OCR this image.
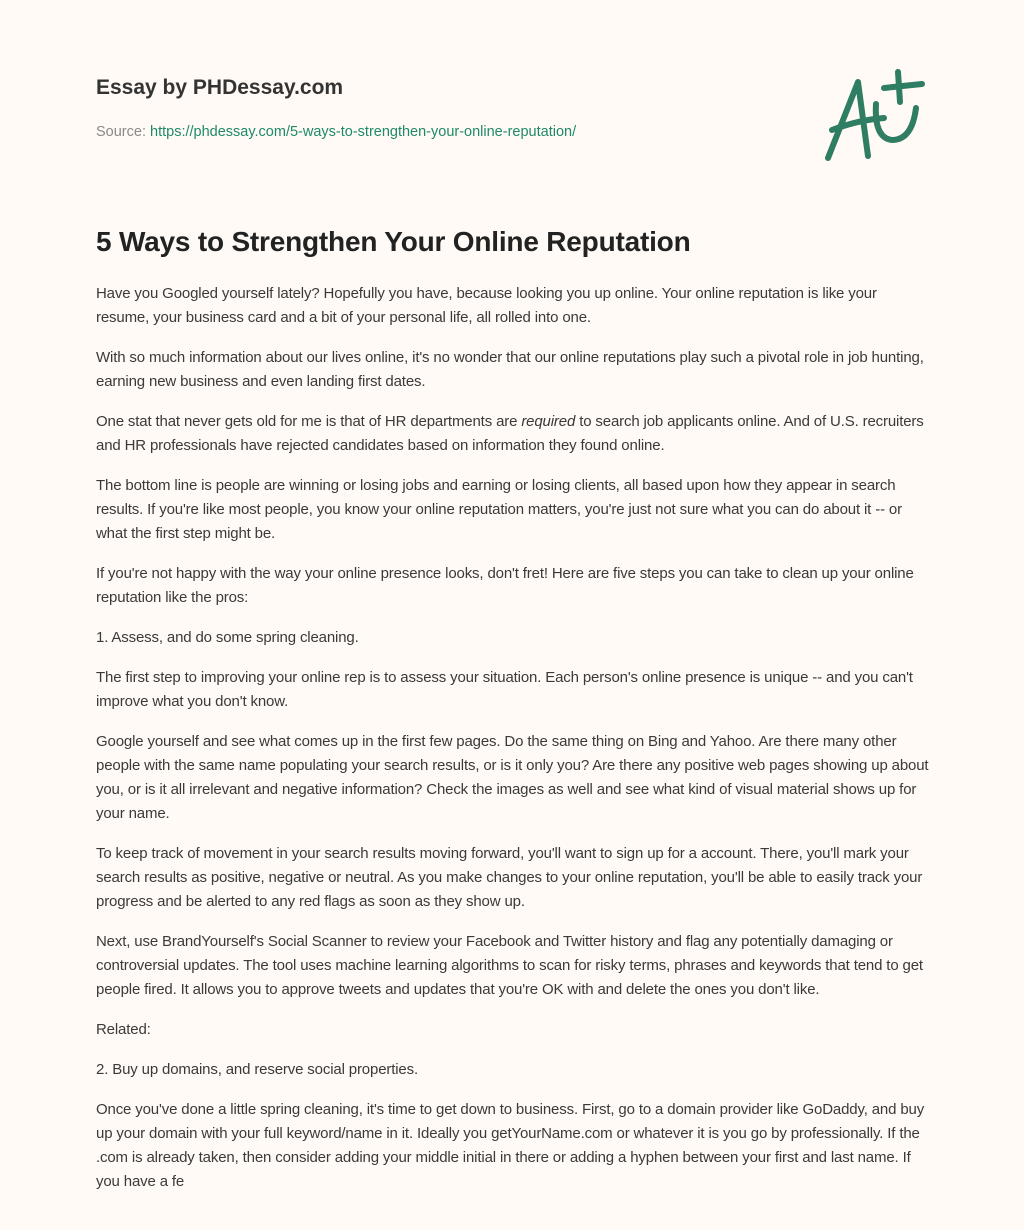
Essay by PHDessay.com
Source: https://phdessay.com/5-ways-to-strengthen-your-online-reputation/
5 Ways to Strengthen Your Online Reputation

Have you Googled yourself lately? Hopefully you have, because looking you up online. Your online reputation is like your resume, your business card and a bit of your personal life, all rolled into one.

With so much information about our lives online, it's no wonder that our online reputations play such a pivotal role in job hunting, earning new business and even landing first dates.

One stat that never gets old for me is that of HR departments are required to search job applicants online. And of U.S. recruiters and HR professionals have rejected candidates based on information they found online.

The bottom line is people are winning or losing jobs and earning or losing clients, all based upon how they appear in search results. If you're like most people, you know your online reputation matters, you're just not sure what you can do about it -- or what the first step might be.

If you're not happy with the way your online presence looks, don't fret! Here are five steps you can take to clean up your online reputation like the pros:

1. Assess, and do some spring cleaning.

The first step to improving your online rep is to assess your situation. Each person's online presence is unique -- and you can't improve what you don't know.

Google yourself and see what comes up in the first few pages. Do the same thing on Bing and Yahoo. Are there many other people with the same name populating your search results, or is it only you? Are there any positive web pages showing up about you, or is it all irrelevant and negative information? Check the images as well and see what kind of visual material shows up for your name.

To keep track of movement in your search results moving forward, you'll want to sign up for a account. There, you'll mark your search results as positive, negative or neutral. As you make changes to your online reputation, you'll be able to easily track your progress and be alerted to any red flags as soon as they show up.

Next, use BrandYourself's Social Scanner to review your Facebook and Twitter history and flag any potentially damaging or controversial updates. The tool uses machine learning algorithms to scan for risky terms, phrases and keywords that tend to get people fired. It allows you to approve tweets and updates that you're OK with and delete the ones you don't like.

Related:

2. Buy up domains, and reserve social properties.

Once you've done a little spring cleaning, it's time to get down to business. First, go to a domain provider like GoDaddy, and buy up your domain with your full keyword/name in it. Ideally you getYourName.com or whatever it is you go by professionally. If the .com is already taken, then consider adding your middle initial in there or adding a hyphen between your first and last name. If you have a fe
